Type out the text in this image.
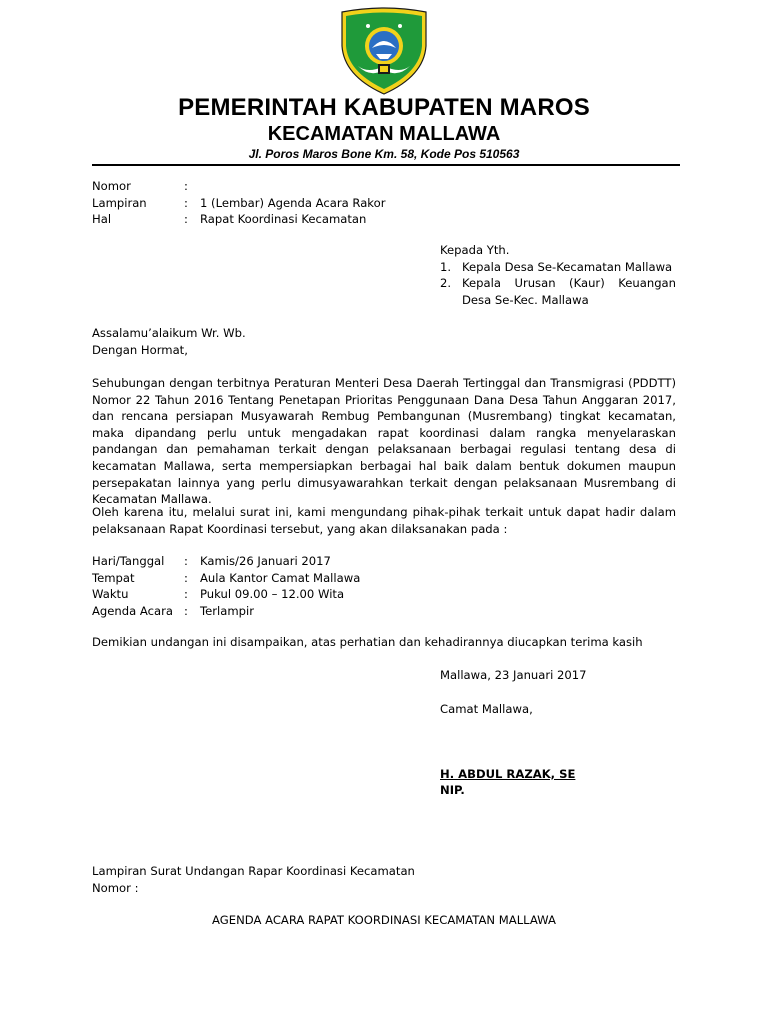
PEMERINTAH KABUPATEN MAROS
KECAMATAN MALLAWA
Jl. Poros Maros Bone Km. 58, Kode Pos 510563
Nomor	:
Lampiran	:	1 (Lembar) Agenda Acara Rakor
Hal	:	Rapat Koordinasi Kecamatan
Kepada Yth.
1. Kepala Desa Se-Kecamatan Mallawa
2. Kepala Urusan (Kaur) Keuangan
Desa Se-Kec. Mallawa
Assalamu’alaikum Wr. Wb.
Dengan Hormat,
Sehubungan dengan terbitnya Peraturan Menteri Desa Daerah Tertinggal dan Transmigrasi (PDDTT) Nomor 22 Tahun 2016 Tentang Penetapan Prioritas Penggunaan Dana Desa Tahun Anggaran 2017, dan rencana persiapan Musyawarah Rembug Pembangunan (Musrembang) tingkat kecamatan, maka dipandang perlu untuk mengadakan rapat koordinasi dalam rangka menyelaraskan pandangan dan pemahaman terkait dengan pelaksanaan berbagai regulasi tentang desa di kecamatan Mallawa, serta mempersiapkan berbagai hal baik dalam bentuk dokumen maupun persepakatan lainnya yang perlu dimusyawarahkan terkait dengan pelaksanaan Musrembang di Kecamatan Mallawa.
Oleh karena itu, melalui surat ini, kami mengundang pihak-pihak terkait untuk dapat hadir dalam pelaksanaan Rapat Koordinasi tersebut, yang akan dilaksanakan pada :
Hari/Tanggal	:	Kamis/26 Januari 2017
Tempat	:	Aula Kantor Camat Mallawa
Waktu	:	Pukul 09.00 – 12.00 Wita
Agenda Acara :	Terlampir
Demikian undangan ini disampaikan, atas perhatian dan kehadirannya diucapkan terima kasih
Mallawa, 23 Januari 2017
Camat Mallawa,
H. ABDUL RAZAK, SE
NIP.
Lampiran Surat Undangan Rapar Koordinasi Kecamatan
Nomor :
AGENDA ACARA RAPAT KOORDINASI KECAMATAN MALLAWA
